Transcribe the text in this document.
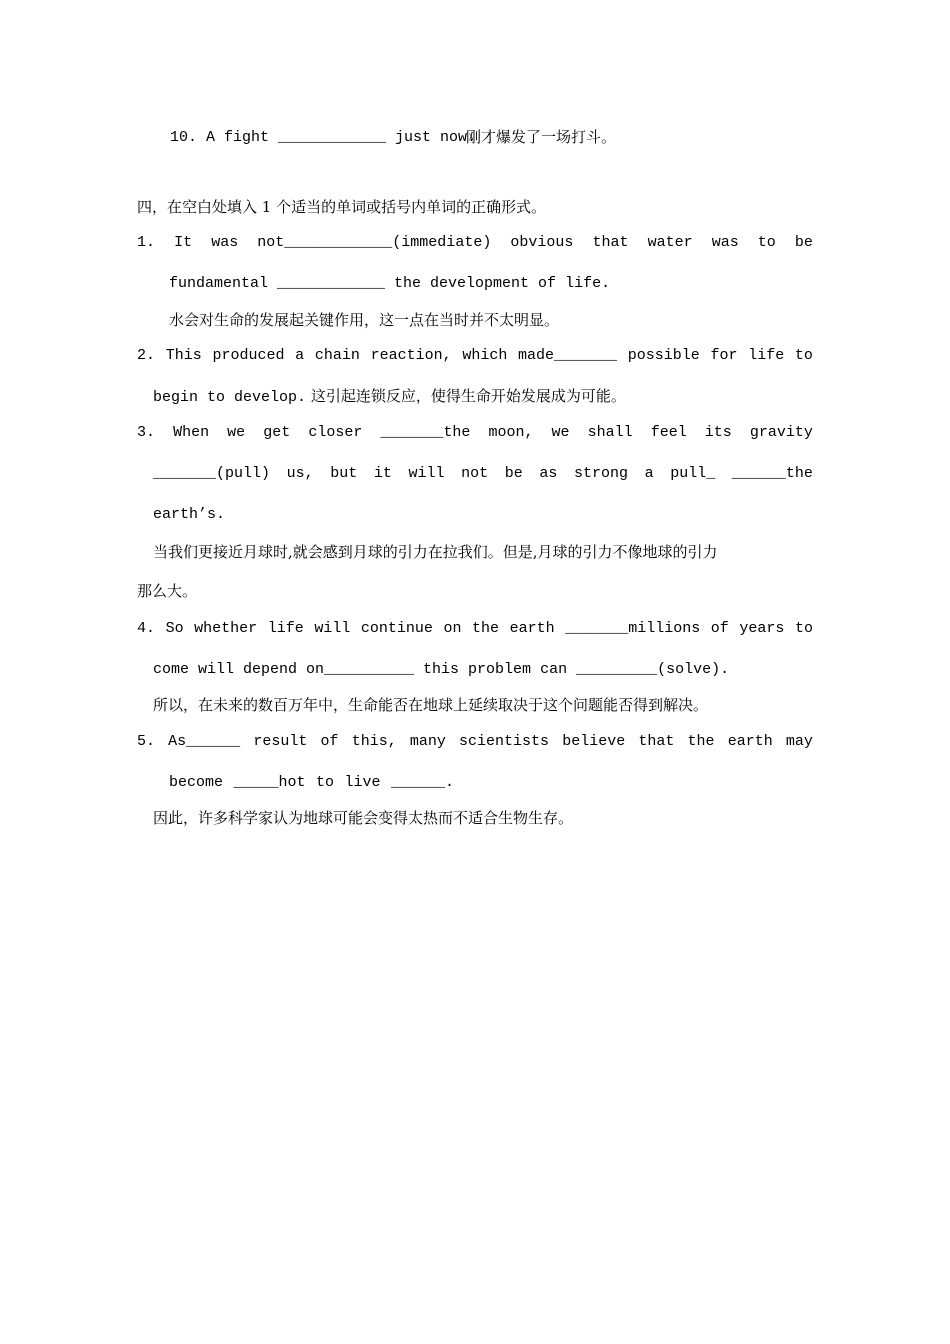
10. A fight ____________ just now.
刚才爆发了一场打斗。
四，在空白处填入 1 个适当的单词或括号内单词的正确形式。
1. It was not____________(immediate) obvious that water was to be
fundamental ____________ the development of life.
水会对生命的发展起关键作用，这一点在当时并不太明显。
2. This produced a chain reaction, which made_______ possible for life to
begin to develop. 这引起连锁反应，使得生命开始发展成为可能。
3. When we get closer _______the moon, we shall feel its gravity
_______(pull) us, but it will not be as strong a pull_ ______the
earth’s.
当我们更接近月球时,就会感到月球的引力在拉我们。但是,月球的引力不像地球的引力
那么大。
4. So whether life will continue on the earth _______millions of years to
come will depend on__________ this problem can _________(solve).
所以，在未来的数百万年中，生命能否在地球上延续取决于这个问题能否得到解决。
5. As______ result of this, many scientists believe that the earth may
become _____hot to live ______.
因此，许多科学家认为地球可能会变得太热而不适合生物生存。
